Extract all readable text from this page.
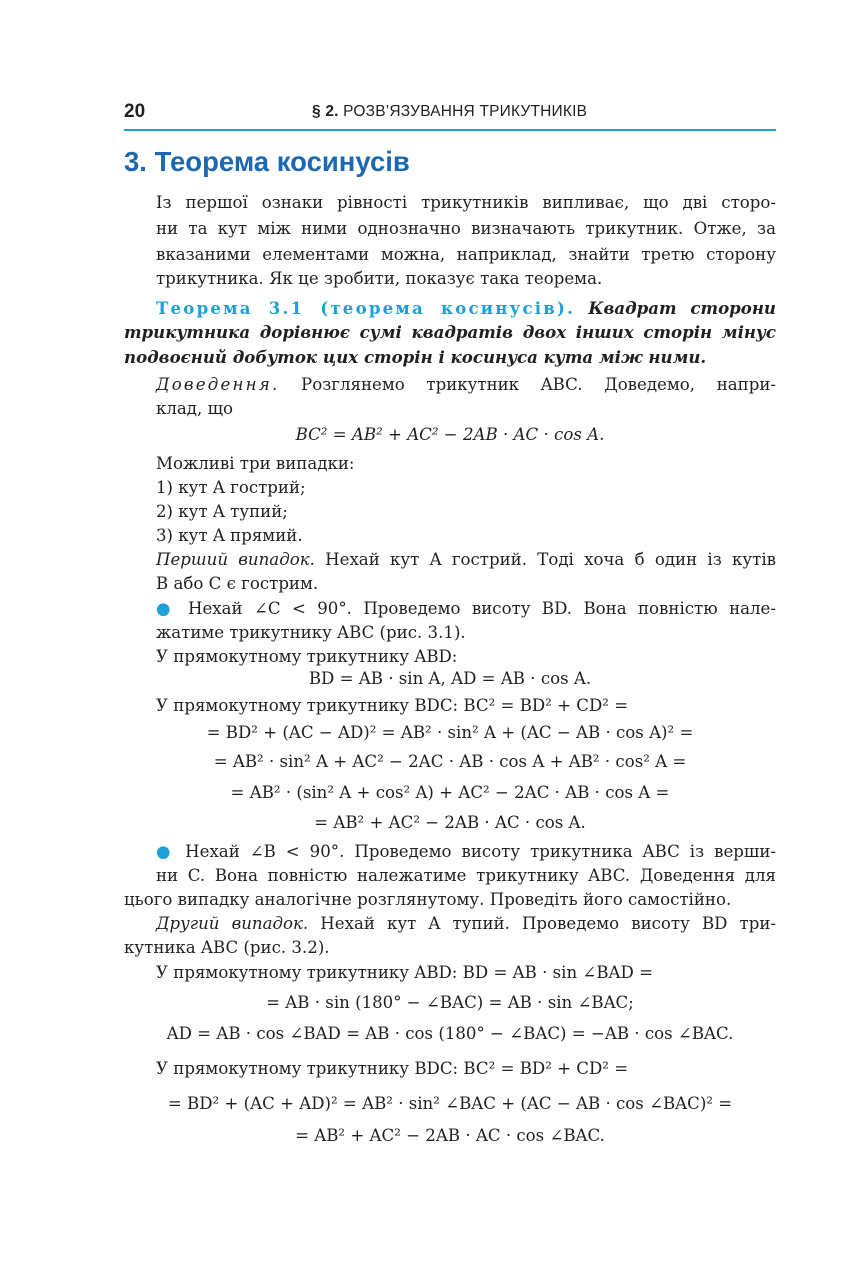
20	§ 2. РОЗВ’ЯЗУВАННЯ ТРИКУТНИКІВ
3. Теорема косинусів
Із першої ознаки рівності трикутників випливає, що дві сторо-
ни та кут між ними однозначно визначають трикутник. Отже, за
вказаними елементами можна, наприклад, знайти третю сторону
трикутника. Як це зробити, показує така теорема.
Теорема 3.1 (теорема косинусів). Квадрат сторони
трикутника дорівнює сумі квадратів двох інших сторін мінус
подвоєний добуток цих сторін і косинуса кута між ними.
Доведення. Розглянемо трикутник ABC. Доведемо, напри-
клад, що
BC² = AB² + AC² − 2AB · AC · cos A.
Можливі три випадки:
1) кут A гострий;
2) кут A тупий;
3) кут A прямий.
Перший випадок. Нехай кут A гострий. Тоді хоча б один із кутів
B або C є гострим.
● Нехай ∠C < 90°. Проведемо висоту BD. Вона повністю нале-
жатиме трикутнику ABC (рис. 3.1).
У прямокутному трикутнику ABD:
BD = AB · sin A, AD = AB · cos A.
У прямокутному трикутнику BDC: BC² = BD² + CD² =
= BD² + (AC − AD)² = AB² · sin² A + (AC − AB · cos A)² =
= AB² · sin² A + AC² − 2AC · AB · cos A + AB² · cos² A =
= AB² · (sin² A + cos² A) + AC² − 2AC · AB · cos A =
= AB² + AC² − 2AB · AC · cos A.
● Нехай ∠B < 90°. Проведемо висоту трикутника ABC із верши-
ни C. Вона повністю належатиме трикутнику ABC. Доведення для
цього випадку аналогічне розглянутому. Проведіть його самостійно.
Другий випадок. Нехай кут A тупий. Проведемо висоту BD три-
кутника ABC (рис. 3.2).
У прямокутному трикутнику ABD: BD = AB · sin ∠BAD =
= AB · sin (180° − ∠BAC) = AB · sin ∠BAC;
AD = AB · cos ∠BAD = AB · cos (180° − ∠BAC) = −AB · cos ∠BAC.
У прямокутному трикутнику BDC: BC² = BD² + CD² =
= BD² + (AC + AD)² = AB² · sin² ∠BAC + (AC − AB · cos ∠BAC)² =
= AB² + AC² − 2AB · AC · cos ∠BAC.
